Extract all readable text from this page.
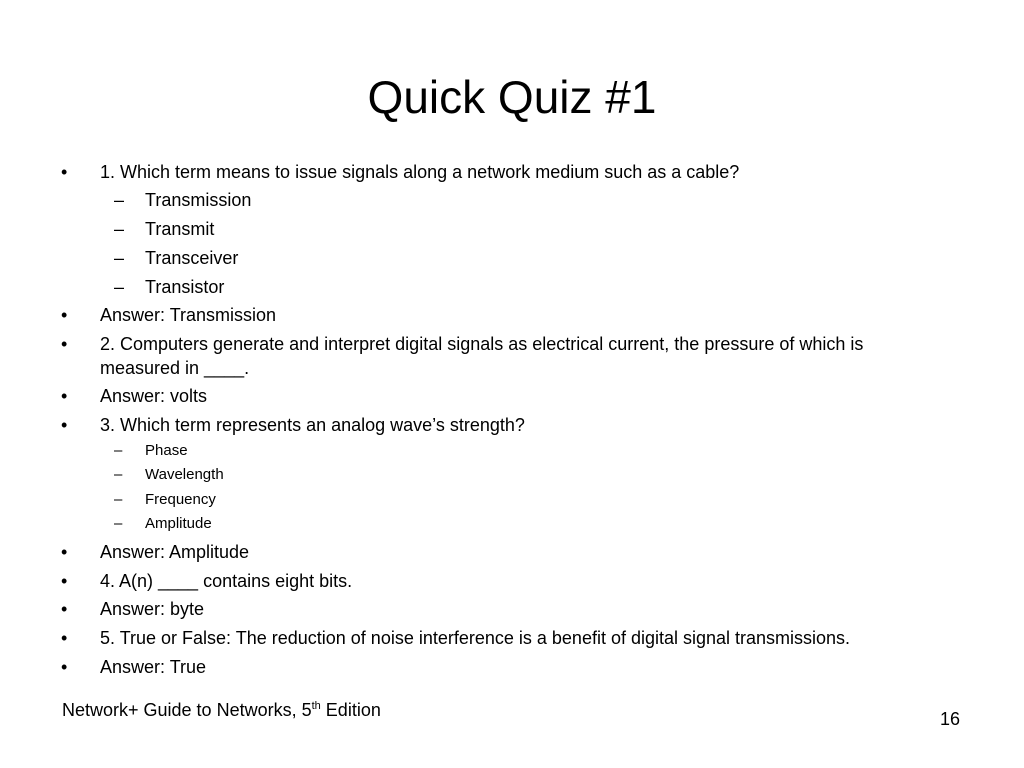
Quick Quiz #1
• 1. Which term means to issue signals along a network medium such as a cable?
– Transmission
– Transmit
– Transceiver
– Transistor
• Answer: Transmission
• 2. Computers generate and interpret digital signals as electrical current, the pressure of which is
measured in ____.
• Answer: volts
• 3. Which term represents an analog wave’s strength?
– Phase
– Wavelength
– Frequency
– Amplitude
• Answer: Amplitude
• 4. A(n) ____ contains eight bits.
• Answer: byte
• 5. True or False: The reduction of noise interference is a benefit of digital signal transmissions.
• Answer: True
Network+ Guide to Networks, 5th Edition	16
